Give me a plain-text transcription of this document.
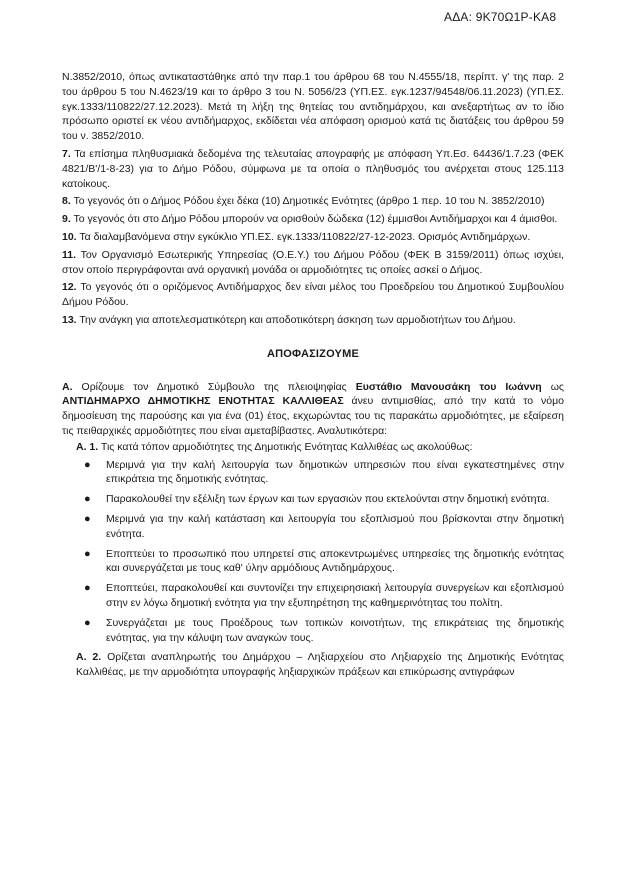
ΑΔΑ: 9Κ70Ω1Ρ-ΚΑ8

Ν.3852/2010, όπως αντικαταστάθηκε από την παρ.1 του άρθρου 68 του Ν.4555/18, περίπτ. γ' της παρ. 2 του άρθρου 5 του Ν.4623/19 και το άρθρο 3 του Ν. 5056/23 (ΥΠ.ΕΣ. εγκ.1237/94548/06.11.2023) (ΥΠ.ΕΣ. εγκ.1333/110822/27.12.2023). Μετά τη λήξη της θητείας του αντιδημάρχου, και ανεξαρτήτως αν το ίδιο πρόσωπο οριστεί εκ νέου αντιδήμαρχος, εκδίδεται νέα απόφαση ορισμού κατά τις διατάξεις του άρθρου 59 του ν. 3852/2010.

7. Τα επίσημα πληθυσμιακά δεδομένα της τελευταίας απογραφής με απόφαση Υπ.Εσ. 64436/1.7.23 (ΦΕΚ 4821/Β'/1-8-23) για το Δήμο Ρόδου, σύμφωνα με τα οποία ο πληθυσμός του ανέρχεται στους 125.113 κατοίκους.

8. Το γεγονός ότι ο Δήμος Ρόδου έχει δέκα (10) Δημοτικές Ενότητες (άρθρο 1 περ. 10 του Ν. 3852/2010)

9. Το γεγονός ότι στο Δήμο Ρόδου μπορούν να ορισθούν δώδεκα (12) έμμισθοι Αντιδήμαρχοι και 4 άμισθοι.

10. Τα διαλαμβανόμενα στην εγκύκλιο ΥΠ.ΕΣ. εγκ.1333/110822/27-12-2023. Ορισμός Αντιδημάρχων.

11. Τον Οργανισμό Εσωτερικής Υπηρεσίας (Ο.Ε.Υ.) του Δήμου Ρόδου (ΦΕΚ Β 3159/2011) όπως ισχύει, στον οποίο περιγράφονται ανά οργανική μονάδα οι αρμοδιότητες τις οποίες ασκεί ο Δήμος.

12. Το γεγονός ότι ο οριζόμενος Αντιδήμαρχος δεν είναι μέλος του Προεδρείου του Δημοτικού Συμβουλίου Δήμου Ρόδου.

13. Την ανάγκη για αποτελεσματικότερη και αποδοτικότερη άσκηση των αρμοδιοτήτων του Δήμου.

ΑΠΟΦΑΣΙΖΟΥΜΕ

Α. Ορίζουμε τον Δημοτικό Σύμβουλο της πλειοψηφίας Ευστάθιο Μανουσάκη του Ιωάννη ως ΑΝΤΙΔΗΜΑΡΧΟ ΔΗΜΟΤΙΚΗΣ ΕΝΟΤΗΤΑΣ ΚΑΛΛΙΘΕΑΣ άνευ αντιμισθίας, από την κατά το νόμο δημοσίευση της παρούσης και για ένα (01) έτος, εκχωρώντας του τις παρακάτω αρμοδιότητες, με εξαίρεση τις πειθαρχικές αρμοδιότητες που είναι αμεταβίβαστες. Αναλυτικότερα:

Α. 1. Τις κατά τόπον αρμοδιότητες της Δημοτικής Ενότητας Καλλιθέας ως ακολούθως:

● Μεριμνά για την καλή λειτουργία των δημοτικών υπηρεσιών που είναι εγκατεστημένες στην επικράτεια της δημοτικής ενότητας.
● Παρακολουθεί την εξέλιξη των έργων και των εργασιών που εκτελούνται στην δημοτική ενότητα.
● Μεριμνά για την καλή κατάσταση και λειτουργία του εξοπλισμού που βρίσκονται στην δημοτική ενότητα.
● Εποπτεύει το προσωπικό που υπηρετεί στις αποκεντρωμένες υπηρεσίες της δημοτικής ενότητας και συνεργάζεται με τους καθ' ύλην αρμόδιους Αντιδημάρχους.
● Εποπτεύει, παρακολουθεί και συντονίζει την επιχειρησιακή λειτουργία συνεργείων και εξοπλισμού στην εν λόγω δημοτική ενότητα για την εξυπηρέτηση της καθημερινότητας του πολίτη.
● Συνεργάζεται με τους Προέδρους των τοπικών κοινοτήτων, της επικράτειας της δημοτικής ενότητας, για την κάλυψη των αναγκών τους.

Α. 2. Ορίζεται αναπληρωτής του Δημάρχου – Ληξιαρχείου στο Ληξιαρχείο της Δημοτικής Ενότητας Καλλιθέας, με την αρμοδιότητα υπογραφής ληξιαρχικών πράξεων και επικύρωσης αντιγράφων
